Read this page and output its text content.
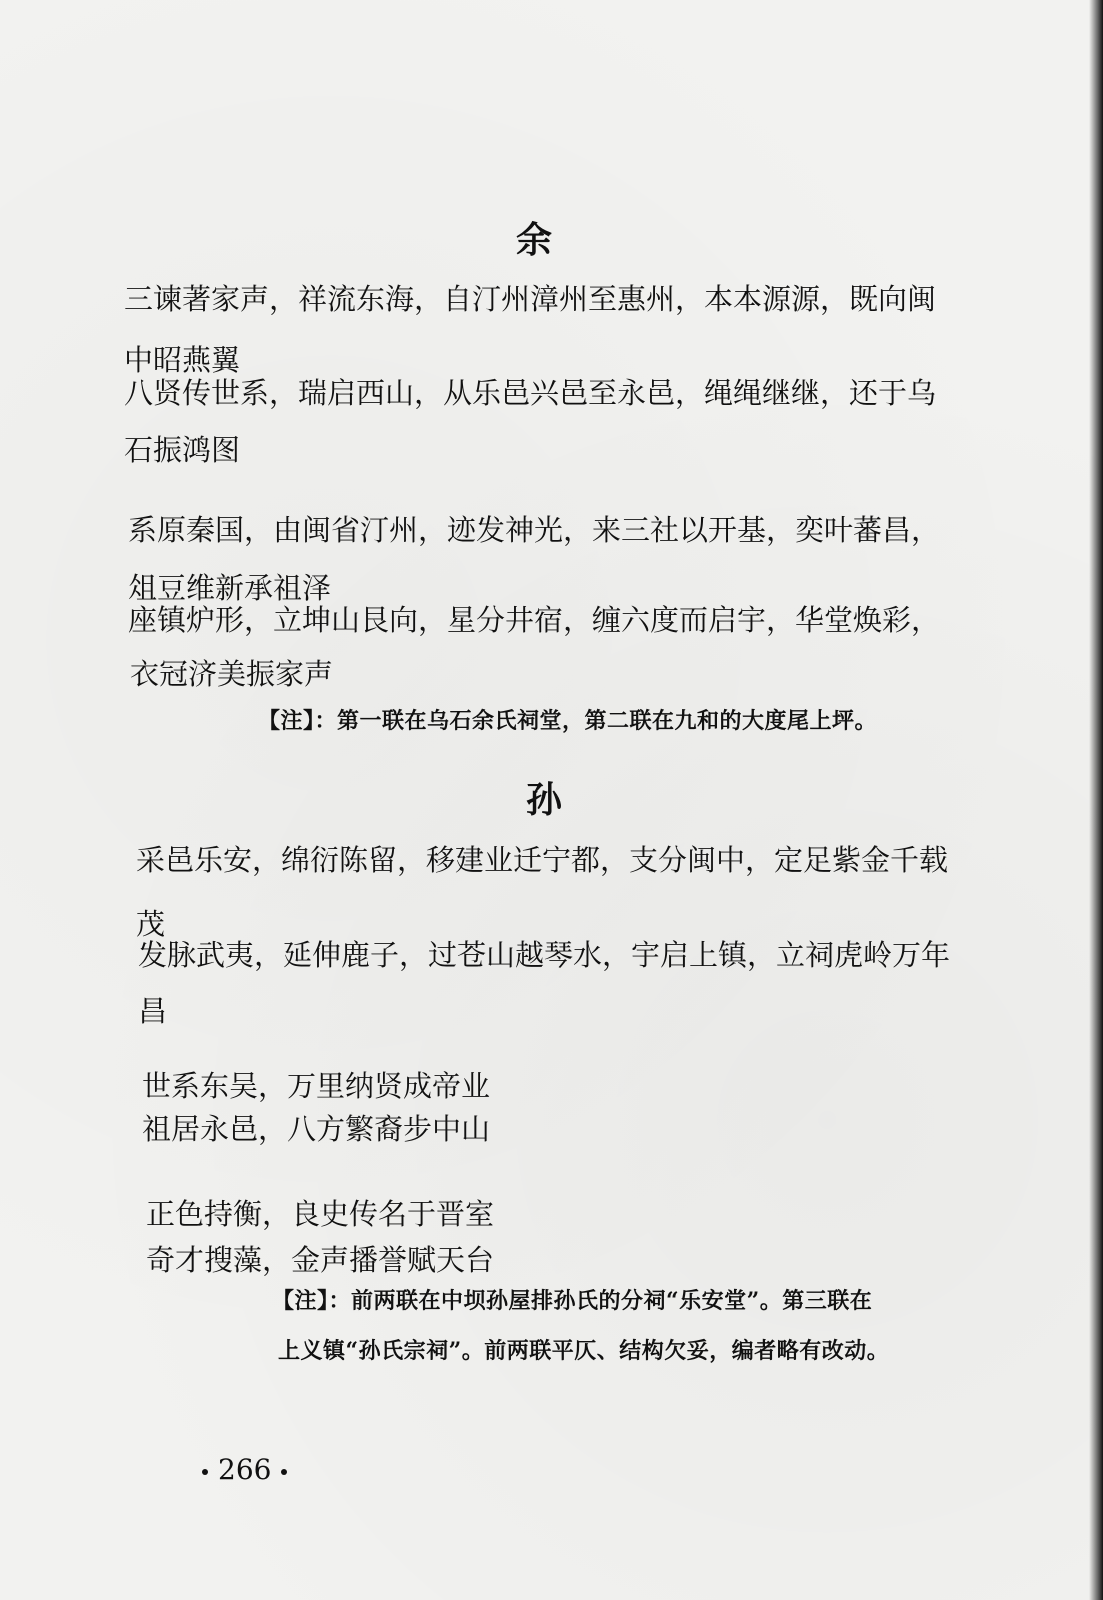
余
三谏著家声，祥流东海，自汀州漳州至惠州，本本源源，既向闽
中昭燕翼
八贤传世系，瑞启西山，从乐邑兴邑至永邑，绳绳继继，还于乌
石振鸿图
系原秦国，由闽省汀州，迹发神光，来三社以开基，奕叶蕃昌，
俎豆维新承祖泽
座镇炉形，立坤山艮向，星分井宿，缠六度而启宇，华堂焕彩，
衣冠济美振家声
【注】：第一联在乌石余氏祠堂，第二联在九和的大度尾上坪。
孙
采邑乐安，绵衍陈留，移建业迁宁都，支分闽中，定足紫金千载
茂
发脉武夷，延伸鹿子，过苍山越琴水，宇启上镇，立祠虎岭万年
昌
世系东吴，万里纳贤成帝业
祖居永邑，八方繁裔步中山
正色持衡，良史传名于晋室
奇才搜藻，金声播誉赋天台
【注】：前两联在中坝孙屋排孙氏的分祠“乐安堂”。第三联在
上义镇“孙氏宗祠”。前两联平仄、结构欠妥，编者略有改动。
266
